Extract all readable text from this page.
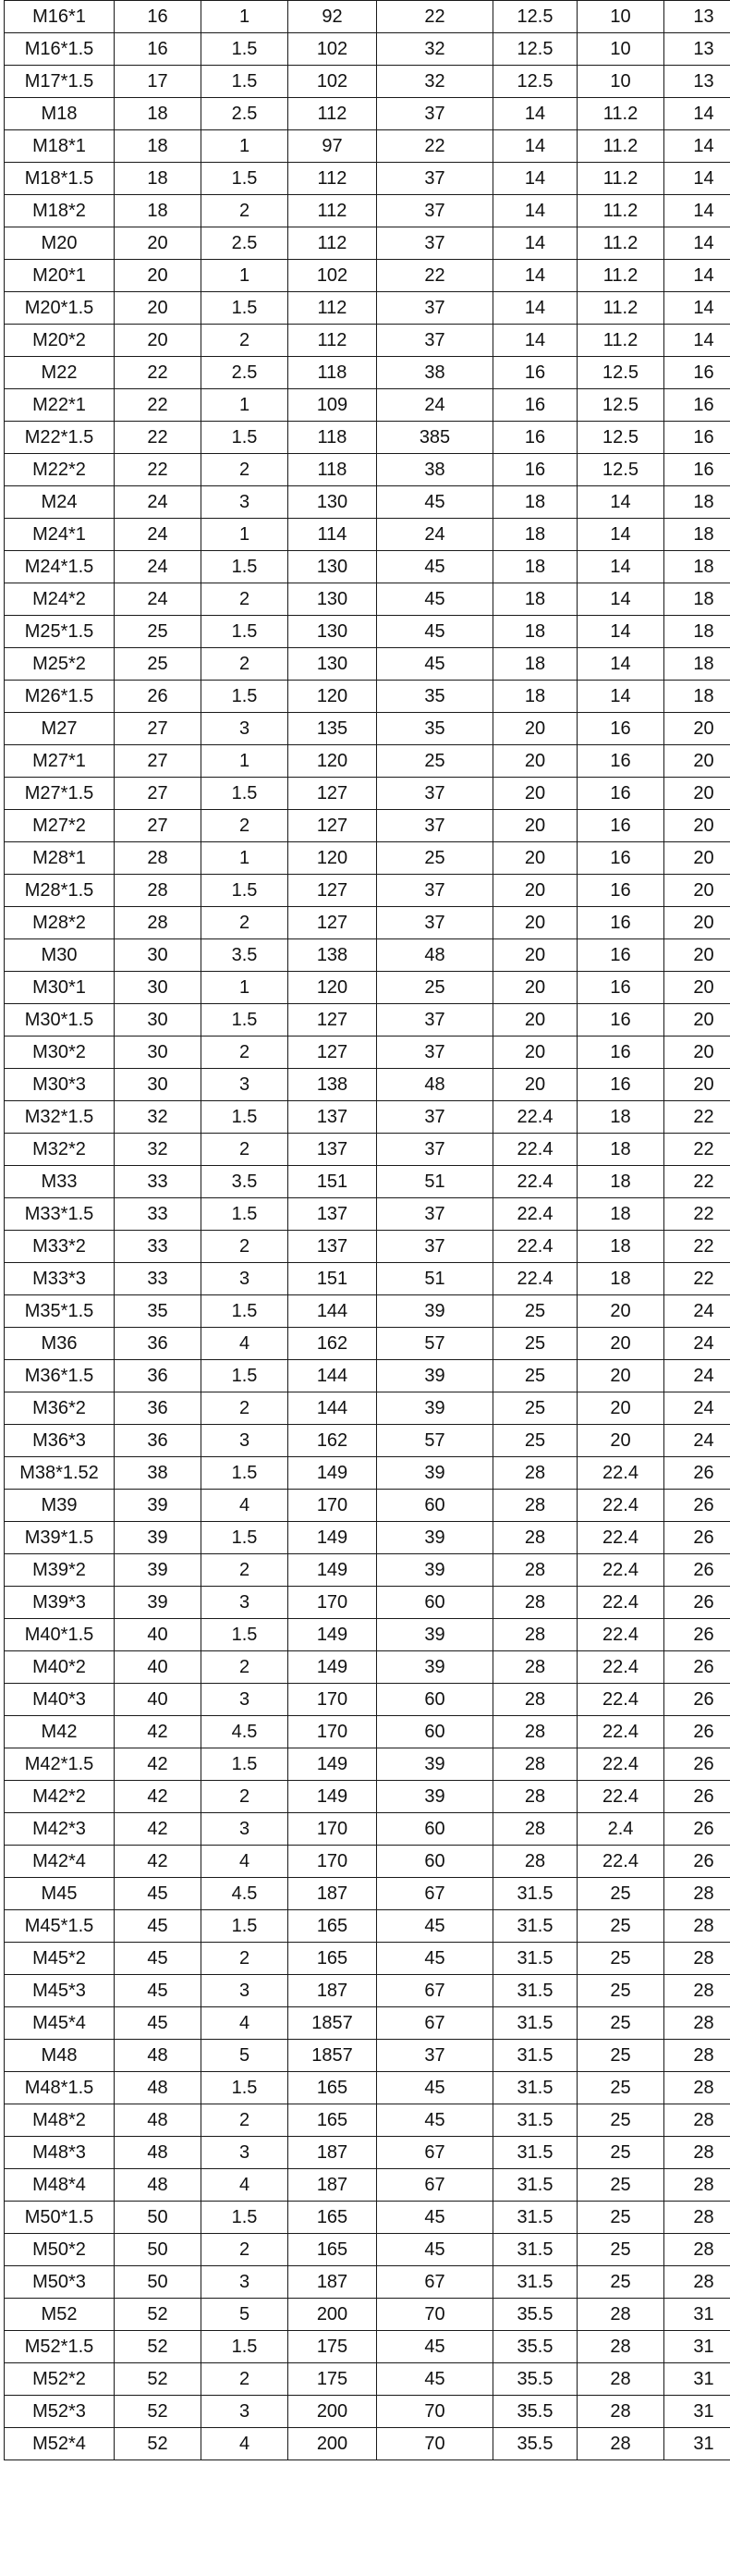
M16*1	16	1	92	22	12.5	10	13
M16*1.5	16	1.5	102	32	12.5	10	13
M17*1.5	17	1.5	102	32	12.5	10	13
M18	18	2.5	112	37	14	11.2	14
M18*1	18	1	97	22	14	11.2	14
M18*1.5	18	1.5	112	37	14	11.2	14
M18*2	18	2	112	37	14	11.2	14
M20	20	2.5	112	37	14	11.2	14
M20*1	20	1	102	22	14	11.2	14
M20*1.5	20	1.5	112	37	14	11.2	14
M20*2	20	2	112	37	14	11.2	14
M22	22	2.5	118	38	16	12.5	16
M22*1	22	1	109	24	16	12.5	16
M22*1.5	22	1.5	118	385	16	12.5	16
M22*2	22	2	118	38	16	12.5	16
M24	24	3	130	45	18	14	18
M24*1	24	1	114	24	18	14	18
M24*1.5	24	1.5	130	45	18	14	18
M24*2	24	2	130	45	18	14	18
M25*1.5	25	1.5	130	45	18	14	18
M25*2	25	2	130	45	18	14	18
M26*1.5	26	1.5	120	35	18	14	18
M27	27	3	135	35	20	16	20
M27*1	27	1	120	25	20	16	20
M27*1.5	27	1.5	127	37	20	16	20
M27*2	27	2	127	37	20	16	20
M28*1	28	1	120	25	20	16	20
M28*1.5	28	1.5	127	37	20	16	20
M28*2	28	2	127	37	20	16	20
M30	30	3.5	138	48	20	16	20
M30*1	30	1	120	25	20	16	20
M30*1.5	30	1.5	127	37	20	16	20
M30*2	30	2	127	37	20	16	20
M30*3	30	3	138	48	20	16	20
M32*1.5	32	1.5	137	37	22.4	18	22
M32*2	32	2	137	37	22.4	18	22
M33	33	3.5	151	51	22.4	18	22
M33*1.5	33	1.5	137	37	22.4	18	22
M33*2	33	2	137	37	22.4	18	22
M33*3	33	3	151	51	22.4	18	22
M35*1.5	35	1.5	144	39	25	20	24
M36	36	4	162	57	25	20	24
M36*1.5	36	1.5	144	39	25	20	24
M36*2	36	2	144	39	25	20	24
M36*3	36	3	162	57	25	20	24
M38*1.52	38	1.5	149	39	28	22.4	26
M39	39	4	170	60	28	22.4	26
M39*1.5	39	1.5	149	39	28	22.4	26
M39*2	39	2	149	39	28	22.4	26
M39*3	39	3	170	60	28	22.4	26
M40*1.5	40	1.5	149	39	28	22.4	26
M40*2	40	2	149	39	28	22.4	26
M40*3	40	3	170	60	28	22.4	26
M42	42	4.5	170	60	28	22.4	26
M42*1.5	42	1.5	149	39	28	22.4	26
M42*2	42	2	149	39	28	22.4	26
M42*3	42	3	170	60	28	2.4	26
M42*4	42	4	170	60	28	22.4	26
M45	45	4.5	187	67	31.5	25	28
M45*1.5	45	1.5	165	45	31.5	25	28
M45*2	45	2	165	45	31.5	25	28
M45*3	45	3	187	67	31.5	25	28
M45*4	45	4	1857	67	31.5	25	28
M48	48	5	1857	37	31.5	25	28
M48*1.5	48	1.5	165	45	31.5	25	28
M48*2	48	2	165	45	31.5	25	28
M48*3	48	3	187	67	31.5	25	28
M48*4	48	4	187	67	31.5	25	28
M50*1.5	50	1.5	165	45	31.5	25	28
M50*2	50	2	165	45	31.5	25	28
M50*3	50	3	187	67	31.5	25	28
M52	52	5	200	70	35.5	28	31
M52*1.5	52	1.5	175	45	35.5	28	31
M52*2	52	2	175	45	35.5	28	31
M52*3	52	3	200	70	35.5	28	31
M52*4	52	4	200	70	35.5	28	31
